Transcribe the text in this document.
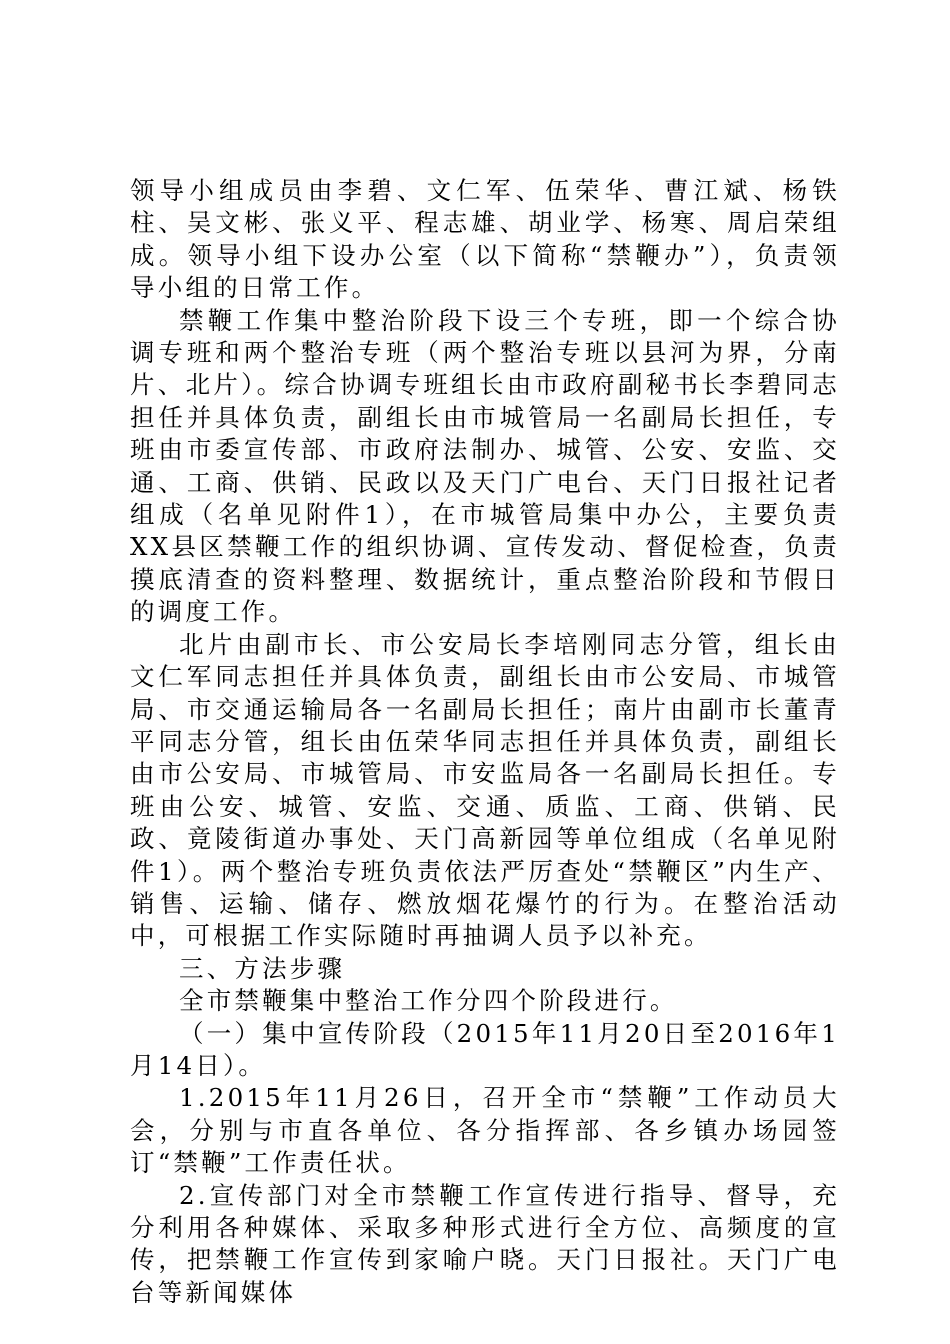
领导小组成员由李碧、文仁军、伍荣华、曹江斌、杨铁柱、吴文彬、张义平、程志雄、胡业学、杨寒、周启荣组成。领导小组下设办公室（以下简称“禁鞭办”），负责领导小组的日常工作。

禁鞭工作集中整治阶段下设三个专班，即一个综合协调专班和两个整治专班（两个整治专班以县河为界，分南片、北片）。综合协调专班组长由市政府副秘书长李碧同志担任并具体负责，副组长由市城管局一名副局长担任，专班由市委宣传部、市政府法制办、城管、公安、安监、交通、工商、供销、民政以及天门广电台、天门日报社记者组成（名单见附件1），在市城管局集中办公，主要负责XX县区禁鞭工作的组织协调、宣传发动、督促检查，负责摸底清查的资料整理、数据统计，重点整治阶段和节假日的调度工作。

北片由副市长、市公安局长李培刚同志分管，组长由文仁军同志担任并具体负责，副组长由市公安局、市城管局、市交通运输局各一名副局长担任；南片由副市长董青平同志分管，组长由伍荣华同志担任并具体负责，副组长由市公安局、市城管局、市安监局各一名副局长担任。专班由公安、城管、安监、交通、质监、工商、供销、民政、竟陵街道办事处、天门高新园等单位组成（名单见附件1）。两个整治专班负责依法严厉查处“禁鞭区”内生产、销售、运输、储存、燃放烟花爆竹的行为。在整治活动中，可根据工作实际随时再抽调人员予以补充。

三、方法步骤

全市禁鞭集中整治工作分四个阶段进行。

（一）集中宣传阶段（2015年11月20日至2016年1月14日）。

1.2015年11月26日，召开全市“禁鞭”工作动员大会，分别与市直各单位、各分指挥部、各乡镇办场园签订“禁鞭”工作责任状。

2.宣传部门对全市禁鞭工作宣传进行指导、督导，充分利用各种媒体、采取多种形式进行全方位、高频度的宣传，把禁鞭工作宣传到家喻户晓。天门日报社。天门广电台等新闻媒体
